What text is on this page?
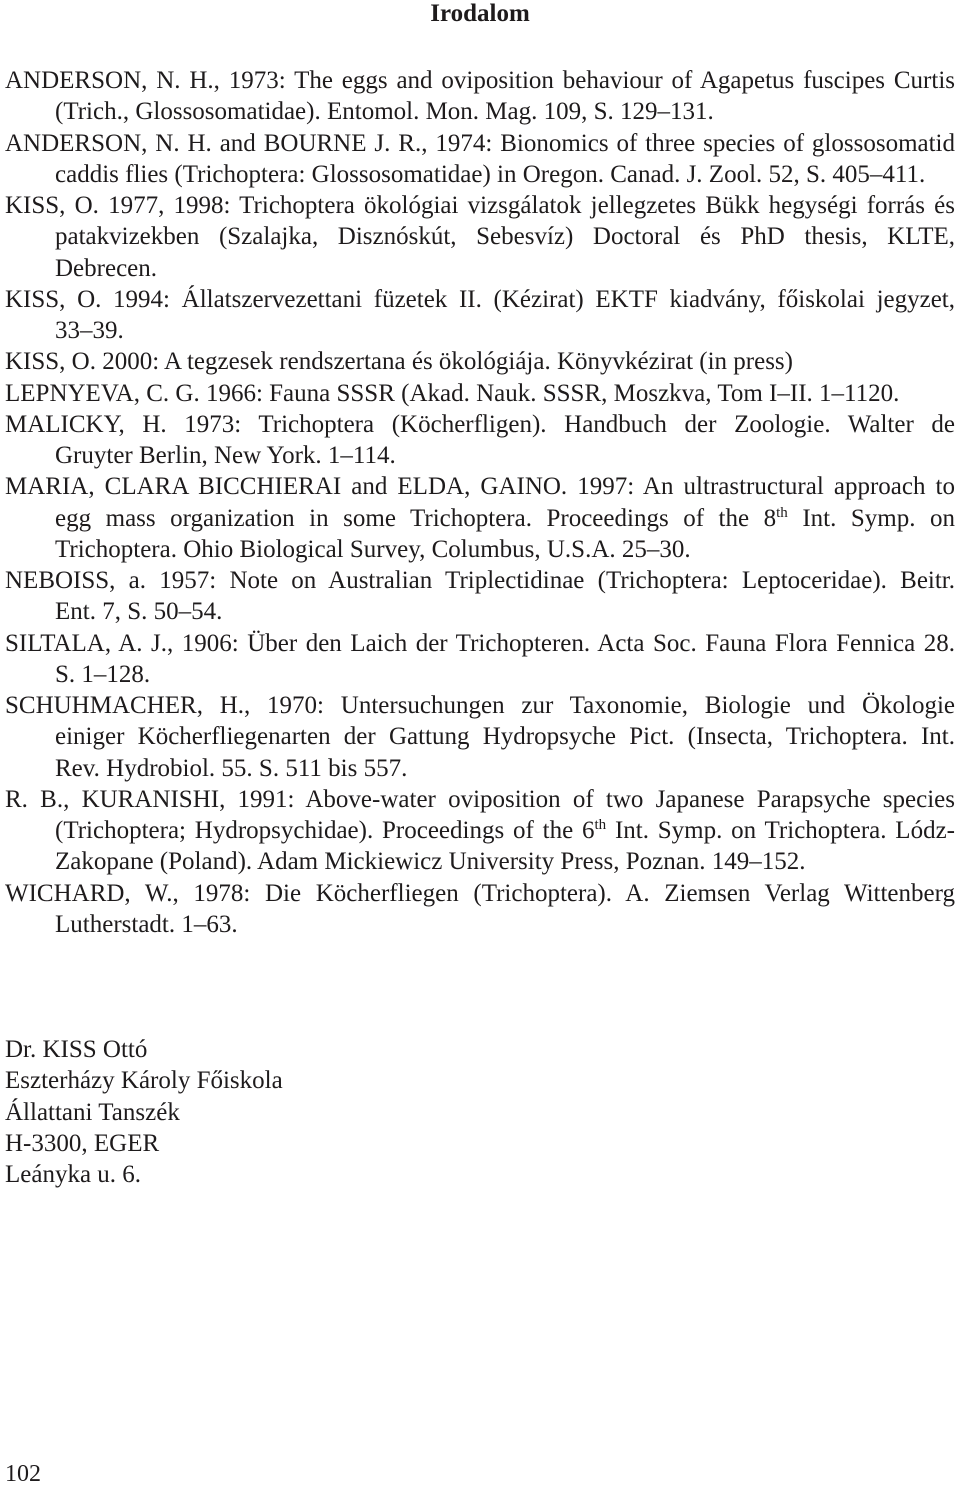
Irodalom
ANDERSON, N. H., 1973: The eggs and oviposition behaviour of Agapetus fuscipes Curtis
(Trich., Glossosomatidae). Entomol. Mon. Mag. 109, S. 129–131.
ANDERSON, N. H. and BOURNE J. R., 1974: Bionomics of three species of glossosomatid
caddis flies (Trichoptera: Glossosomatidae) in Oregon. Canad. J. Zool. 52, S. 405–411.
KISS, O. 1977, 1998: Trichoptera ökológiai vizsgálatok jellegzetes Bükk hegységi forrás és
patakvizekben (Szalajka, Disznóskút, Sebesvíz) Doctoral és PhD thesis, KLTE,
Debrecen.
KISS, O. 1994: Állatszervezettani füzetek II. (Kézirat) EKTF kiadvány, főiskolai jegyzet,
33–39.
KISS, O. 2000: A tegzesek rendszertana és ökológiája. Könyvkézirat (in press)
LEPNYEVA, C. G. 1966: Fauna SSSR (Akad. Nauk. SSSR, Moszkva, Tom I–II. 1–1120.
MALICKY, H. 1973: Trichoptera (Köcherfligen). Handbuch der Zoologie. Walter de
Gruyter Berlin, New York. 1–114.
MARIA, CLARA BICCHIERAI and ELDA, GAINO. 1997: An ultrastructural approach to
egg mass organization in some Trichoptera. Proceedings of the 8th Int. Symp. on
Trichoptera. Ohio Biological Survey, Columbus, U.S.A. 25–30.
NEBOISS, a. 1957: Note on Australian Triplectidinae (Trichoptera: Leptoceridae). Beitr.
Ent. 7, S. 50–54.
SILTALA, A. J., 1906: Über den Laich der Trichopteren. Acta Soc. Fauna Flora Fennica 28.
S. 1–128.
SCHUHMACHER, H., 1970: Untersuchungen zur Taxonomie, Biologie und Ökologie
einiger Köcherfliegenarten der Gattung Hydropsyche Pict. (Insecta, Trichoptera. Int.
Rev. Hydrobiol. 55. S. 511 bis 557.
R. B., KURANISHI, 1991: Above-water oviposition of two Japanese Parapsyche species
(Trichoptera; Hydropsychidae). Proceedings of the 6th Int. Symp. on Trichoptera. Lódz-
Zakopane (Poland). Adam Mickiewicz University Press, Poznan. 149–152.
WICHARD, W., 1978: Die Köcherfliegen (Trichoptera). A. Ziemsen Verlag Wittenberg
Lutherstadt. 1–63.
Dr. KISS Ottó
Eszterházy Károly Főiskola
Állattani Tanszék
H-3300, EGER
Leányka u. 6.
102
